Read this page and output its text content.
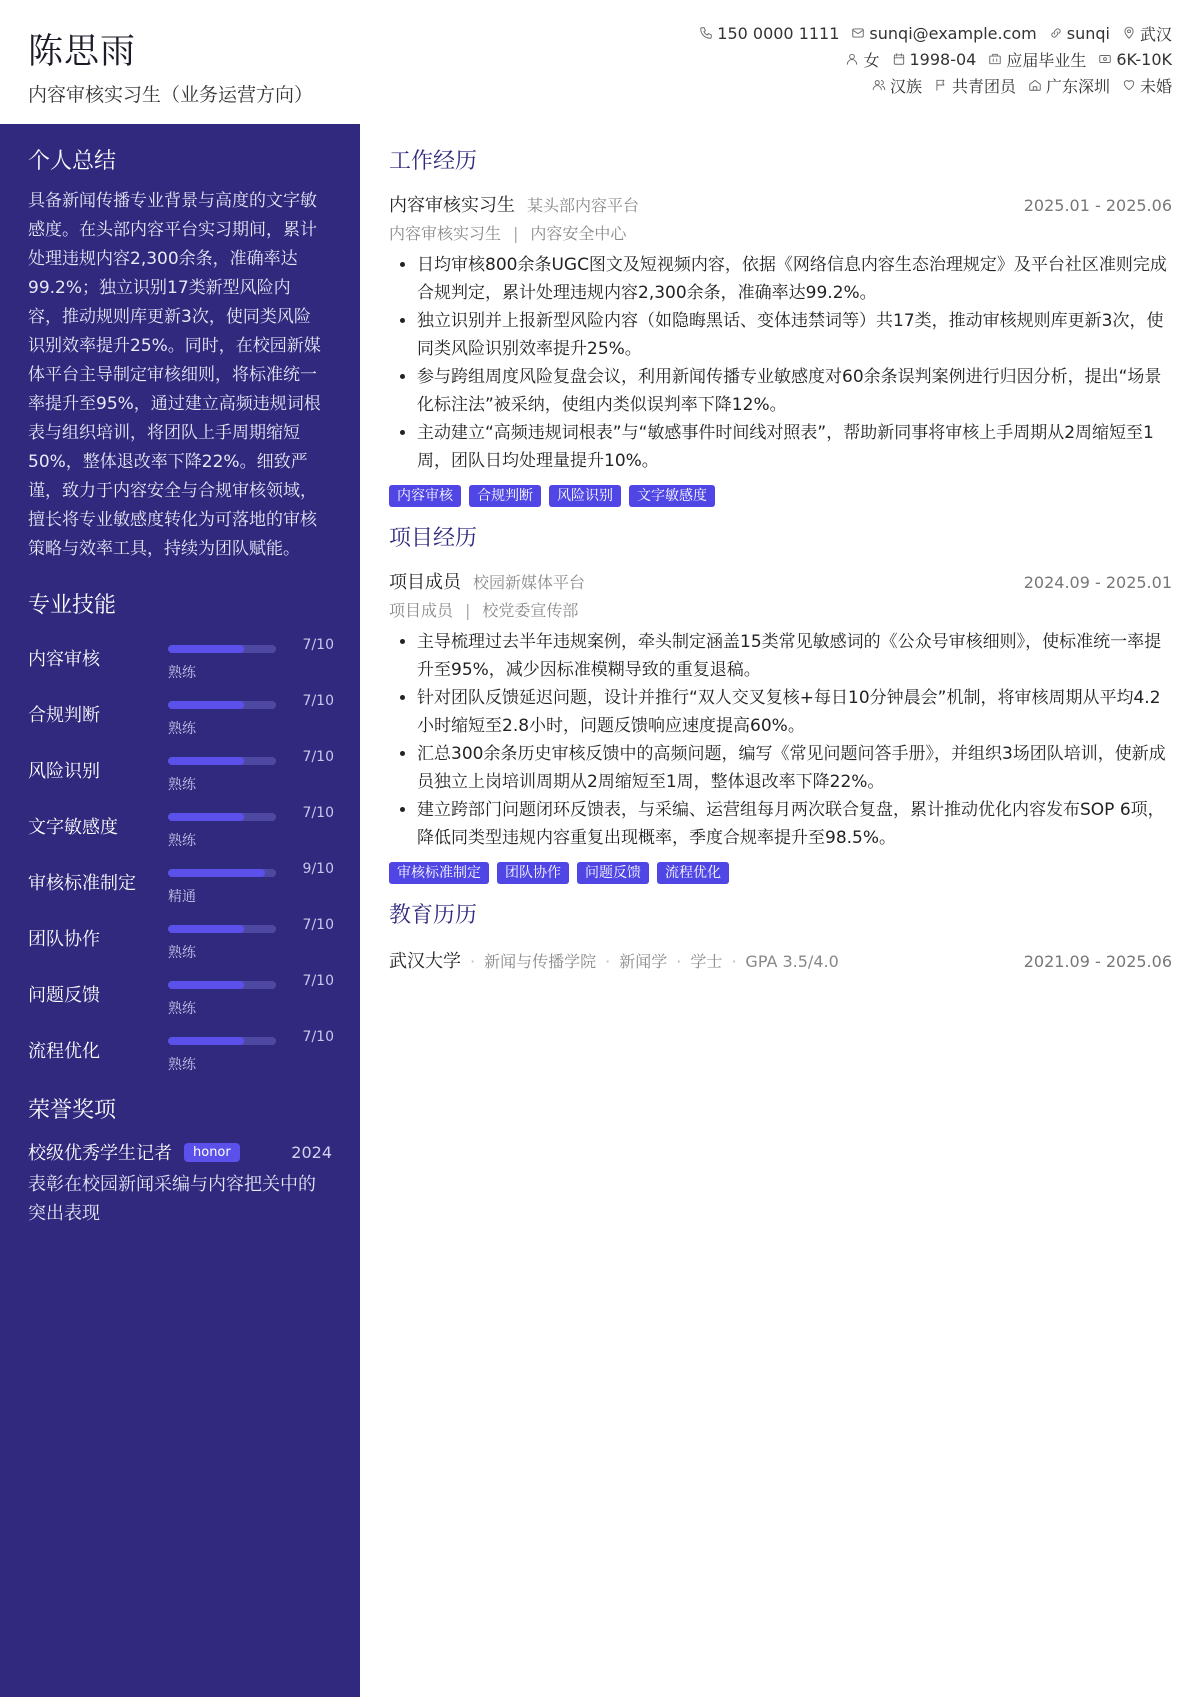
陈思雨
内容审核实习生（业务运营方向）
150 0000 1111 sunqi@example.com sunqi 武汉
女 1998-04 应届毕业生 6K-10K
汉族 共青团员 广东深圳 未婚
个人总结
具备新闻传播专业背景与高度的文字敏感度。在头部内容平台实习期间，累计处理违规内容2,300余条，准确率达99.2%；独立识别17类新型风险内容，推动规则库更新3次，使同类风险识别效率提升25%。同时，在校园新媒体平台主导制定审核细则，将标准统一率提升至95%，通过建立高频违规词根表与组织培训，将团队上手周期缩短50%，整体退改率下降22%。细致严谨，致力于内容安全与合规审核领域，擅长将专业敏感度转化为可落地的审核策略与效率工具，持续为团队赋能。
专业技能
内容审核
7/10
熟练
合规判断
7/10
熟练
风险识别
7/10
熟练
文字敏感度
7/10
熟练
审核标准制定
9/10
精通
团队协作
7/10
熟练
问题反馈
7/10
熟练
流程优化
7/10
熟练
荣誉奖项
校级优秀学生记者	honor	2024
表彰在校园新闻采编与内容把关中的突出表现
工作经历
内容审核实习生 某头部内容平台	2025.01 - 2025.06
内容审核实习生 | 内容安全中心
• 日均审核800余条UGC图文及短视频内容，依据《网络信息内容生态治理规定》及平台社区准则完成合规判定，累计处理违规内容2,300余条，准确率达99.2%。
• 独立识别并上报新型风险内容（如隐晦黑话、变体违禁词等）共17类，推动审核规则库更新3次，使同类风险识别效率提升25%。
• 参与跨组周度风险复盘会议，利用新闻传播专业敏感度对60余条误判案例进行归因分析，提出“场景化标注法”被采纳，使组内类似误判率下降12%。
• 主动建立“高频违规词根表”与“敏感事件时间线对照表”，帮助新同事将审核上手周期从2周缩短至1周，团队日均处理量提升10%。
内容审核	合规判断	风险识别	文字敏感度
项目经历
项目成员 校园新媒体平台	2024.09 - 2025.01
项目成员 | 校党委宣传部
• 主导梳理过去半年违规案例，牵头制定涵盖15类常见敏感词的《公众号审核细则》，使标准统一率提升至95%，减少因标准模糊导致的重复退稿。
• 针对团队反馈延迟问题，设计并推行“双人交叉复核+每日10分钟晨会”机制，将审核周期从平均4.2小时缩短至2.8小时，问题反馈响应速度提高60%。
• 汇总300余条历史审核反馈中的高频问题，编写《常见问题问答手册》，并组织3场团队培训，使新成员独立上岗培训周期从2周缩短至1周，整体退改率下降22%。
• 建立跨部门问题闭环反馈表，与采编、运营组每月两次联合复盘，累计推动优化内容发布SOP 6项，降低同类型违规内容重复出现概率，季度合规率提升至98.5%。
审核标准制定	团队协作	问题反馈	流程优化
教育历历
武汉大学 · 新闻与传播学院 · 新闻学 · 学士 · GPA 3.5/4.0	2021.09 - 2025.06
